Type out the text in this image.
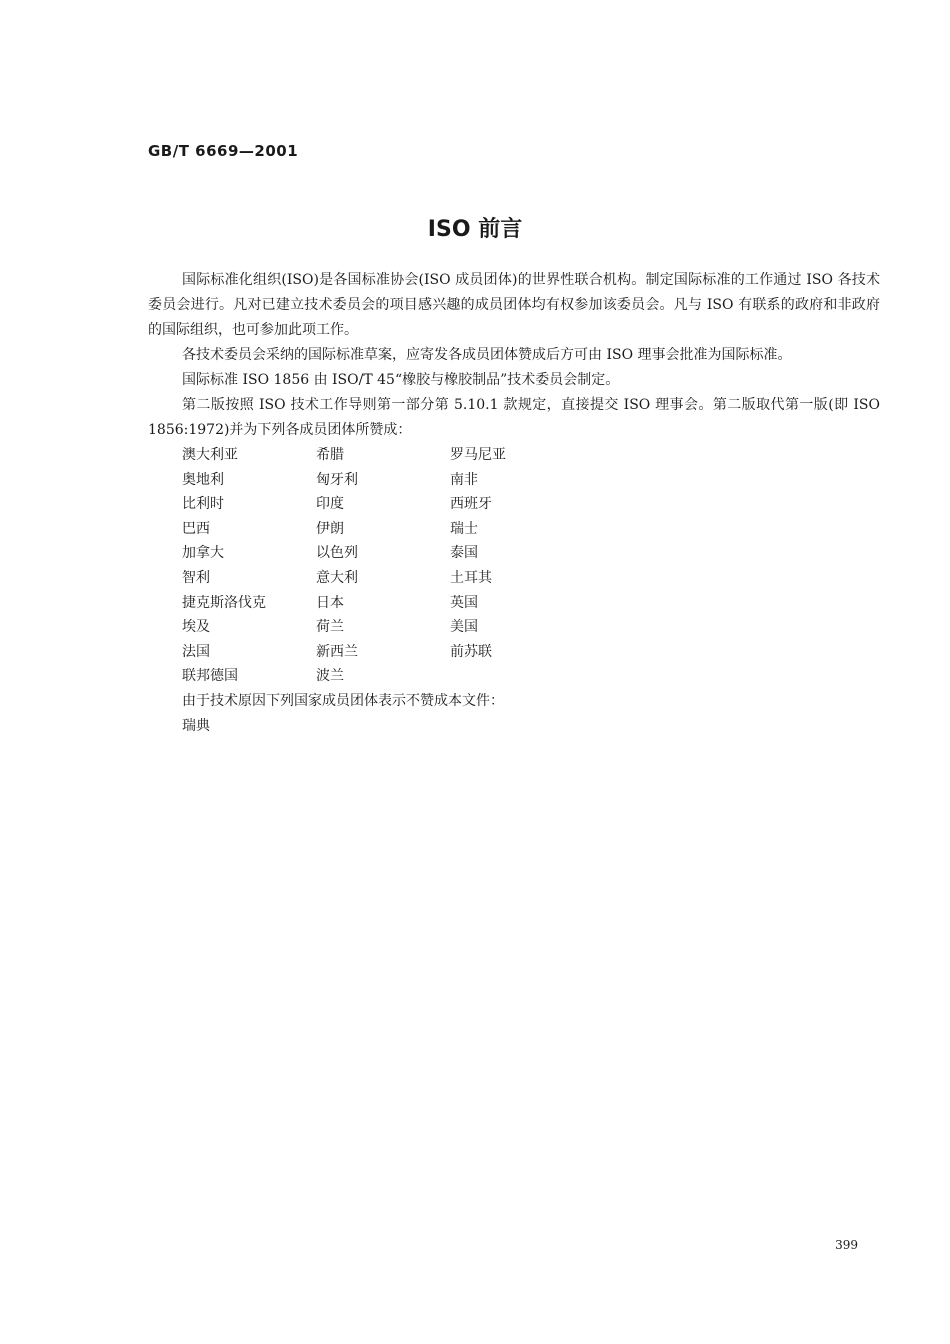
GB/T 6669—2001
ISO 前言

国际标准化组织(ISO)是各国标准协会(ISO 成员团体)的世界性联合机构。制定国际标准的工作通过 ISO 各技术委员会进行。凡对已建立技术委员会的项目感兴趣的成员团体均有权参加该委员会。凡与 ISO 有联系的政府和非政府的国际组织，也可参加此项工作。

各技术委员会采纳的国际标准草案，应寄发各成员团体赞成后方可由 ISO 理事会批准为国际标准。

国际标准 ISO 1856 由 ISO/T 45“橡胶与橡胶制品”技术委员会制定。

第二版按照 ISO 技术工作导则第一部分第 5.10.1 款规定，直接提交 ISO 理事会。第二版取代第一版(即 ISO 1856:1972)并为下列各成员团体所赞成：

澳大利亚	希腊	罗马尼亚
奥地利	匈牙利	南非
比利时	印度	西班牙
巴西	伊朗	瑞士
加拿大	以色列	泰国
智利	意大利	土耳其
捷克斯洛伐克	日本	英国
埃及	荷兰	美国
法国	新西兰	前苏联
联邦德国	波兰

由于技术原因下列国家成员团体表示不赞成本文件：

瑞典

399
